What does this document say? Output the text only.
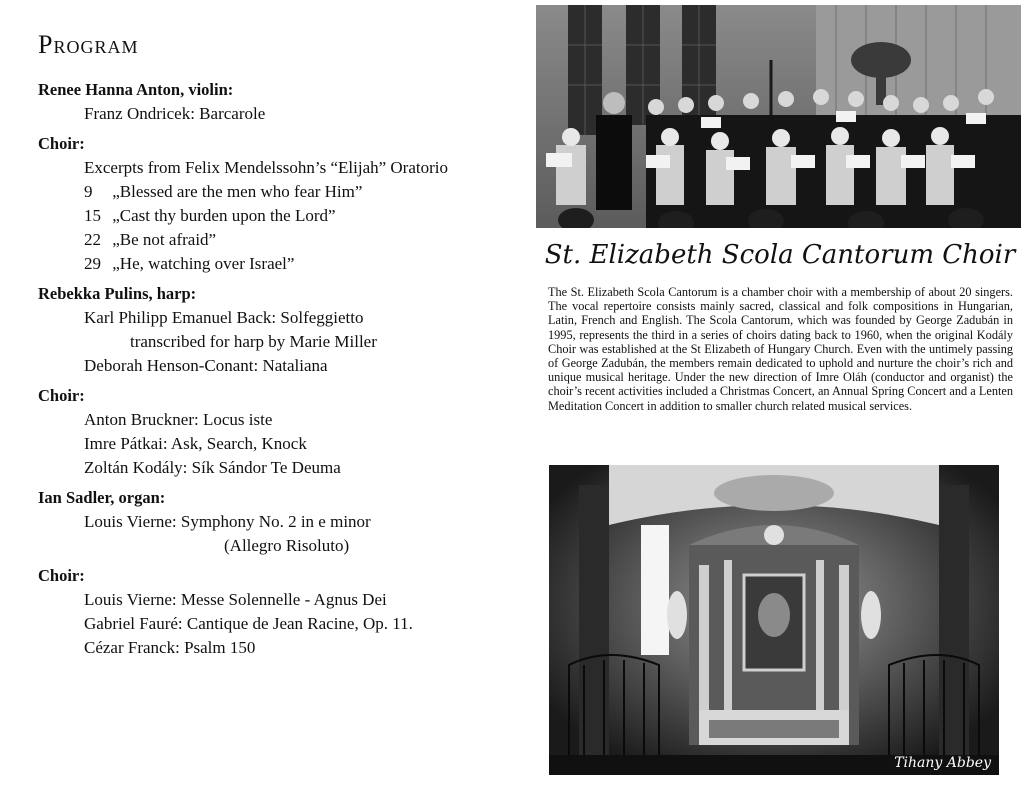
Program

Renee Hanna Anton, violin:

Franz Ondricek: Barcarole

Choir:

Excerpts from Felix Mendelssohn’s “Elijah” Oratorio
9 „Blessed are the men who fear Him”
15 „Cast thy burden upon the Lord”
22 „Be not afraid”
29 „He, watching over Israel”

Rebekka Pulins, harp:

Karl Philipp Emanuel Back: Solfeggietto
transcribed for harp by Marie Miller
Deborah Henson-Conant: Nataliana

Choir:

Anton Bruckner: Locus iste
Imre Pátkai: Ask, Search, Knock
Zoltán Kodály: Sík Sándor Te Deuma

Ian Sadler, organ:

Louis Vierne: Symphony No. 2 in e minor
(Allegro Risoluto)

Choir:

Louis Vierne: Messe Solennelle - Agnus Dei
Gabriel Fauré: Cantique de Jean Racine, Op. 11.
Cézar Franck: Psalm 150
St. Elizabeth Scola Cantorum Choir

The St. Elizabeth Scola Cantorum is a chamber choir with a membership of about 20 singers. The vocal repertoire consists mainly sacred, classical and folk compositions in Hungarian, Latin, French and English. The Scola Cantorum, which was founded by George Zadubán in 1995, represents the third in a series of choirs dating back to 1960, when the original Kodály Choir was established at the St Elizabeth of Hungary Church. Even with the untimely passing of George Zadubán, the members remain dedicated to uphold and nurture the choir’s rich and unique musical heritage. Under the new direction of Imre Oláh (conductor and organist) the choir’s recent activities included a Christmas Concert, an Annual Spring Concert and a Lenten Meditation Concert in addition to smaller church related musical services.

Tihany Abbey
